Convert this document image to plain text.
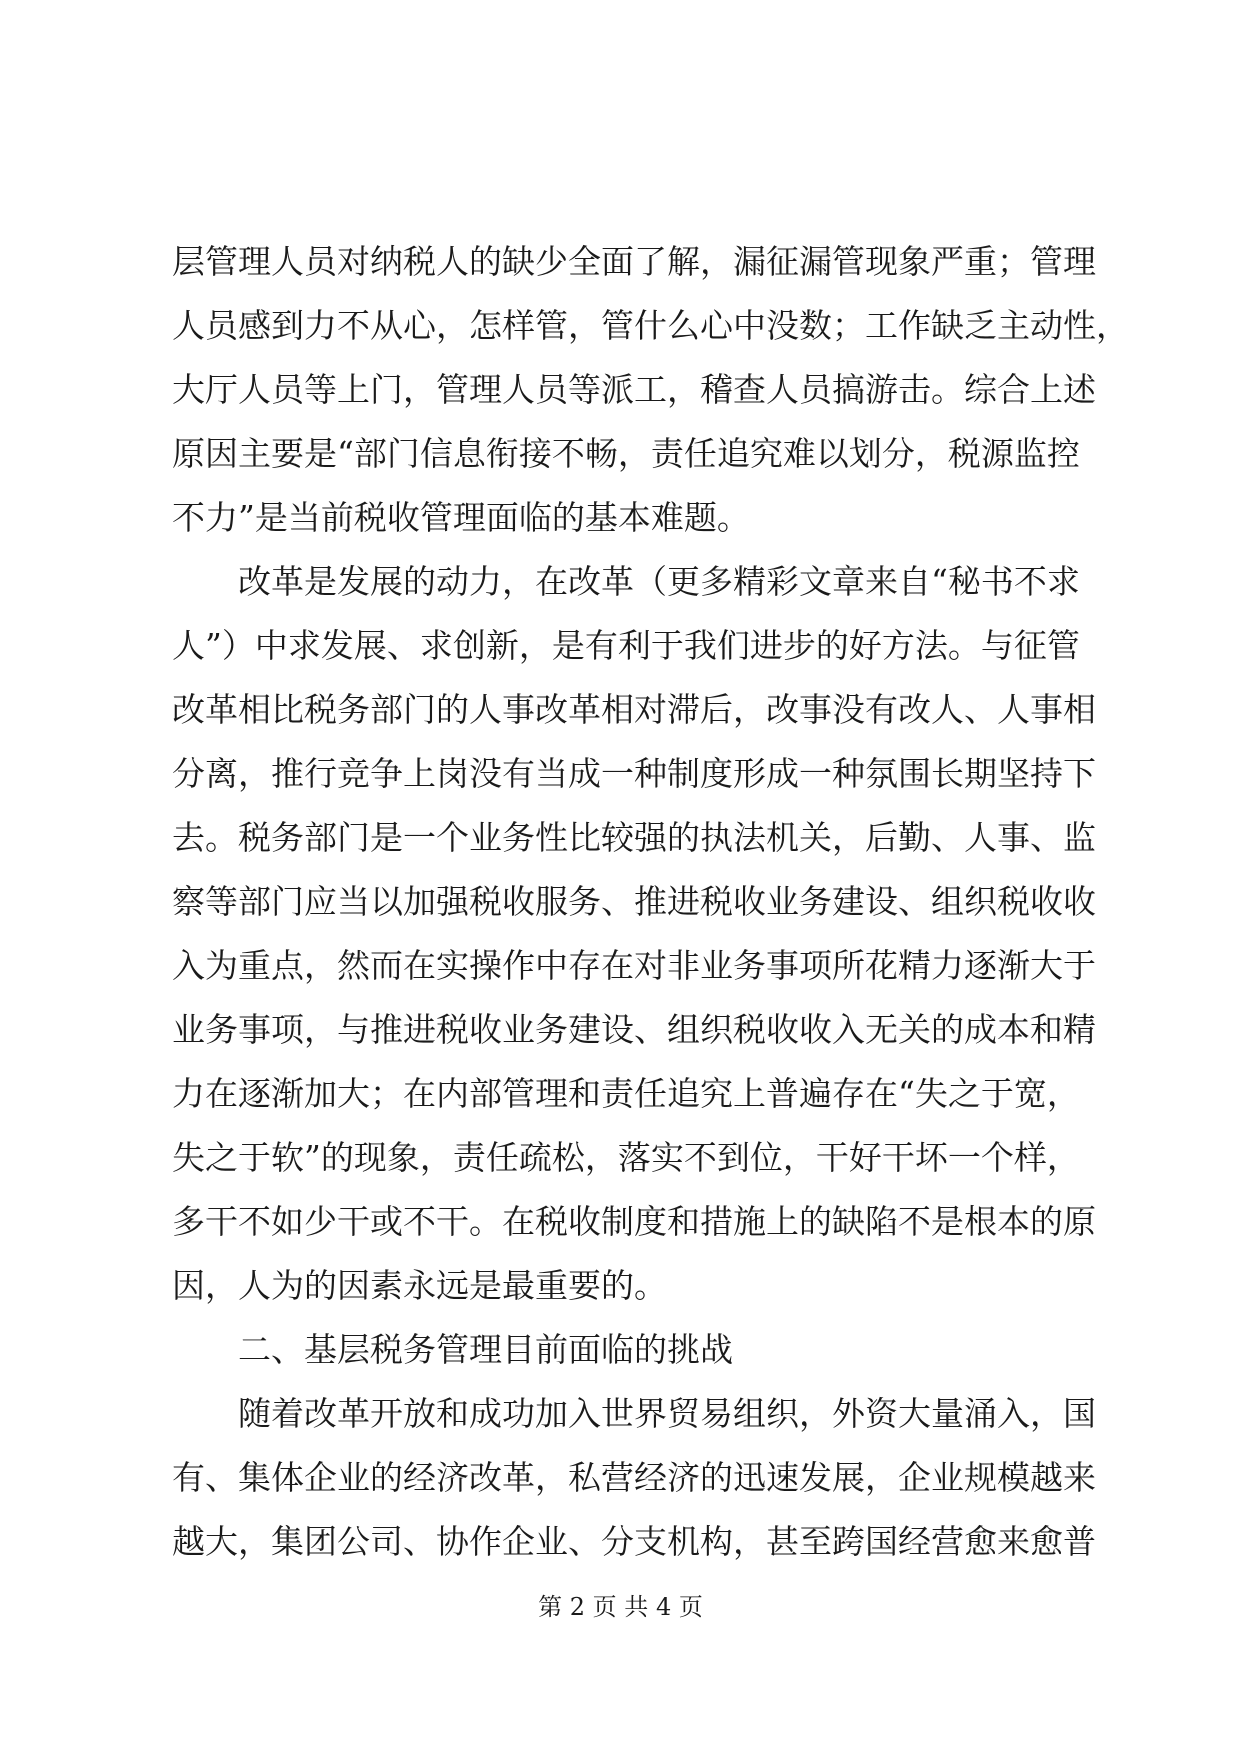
层管理人员对纳税人的缺少全面了解，漏征漏管现象严重；管理
人员感到力不从心，怎样管，管什么心中没数；工作缺乏主动性，
大厅人员等上门，管理人员等派工，稽查人员搞游击。综合上述
原因主要是“部门信息衔接不畅，责任追究难以划分，税源监控
不力”是当前税收管理面临的基本难题。
改革是发展的动力，在改革（更多精彩文章来自“秘书不求
人”）中求发展、求创新，是有利于我们进步的好方法。与征管
改革相比税务部门的人事改革相对滞后，改事没有改人、人事相
分离，推行竞争上岗没有当成一种制度形成一种氛围长期坚持下
去。税务部门是一个业务性比较强的执法机关，后勤、人事、监
察等部门应当以加强税收服务、推进税收业务建设、组织税收收
入为重点，然而在实操作中存在对非业务事项所花精力逐渐大于
业务事项，与推进税收业务建设、组织税收收入无关的成本和精
力在逐渐加大；在内部管理和责任追究上普遍存在“失之于宽，
失之于软”的现象，责任疏松，落实不到位，干好干坏一个样，
多干不如少干或不干。在税收制度和措施上的缺陷不是根本的原
因，人为的因素永远是最重要的。
二、基层税务管理目前面临的挑战
随着改革开放和成功加入世界贸易组织，外资大量涌入，国
有、集体企业的经济改革，私营经济的迅速发展，企业规模越来
越大，集团公司、协作企业、分支机构，甚至跨国经营愈来愈普
第 2 页 共 4 页
